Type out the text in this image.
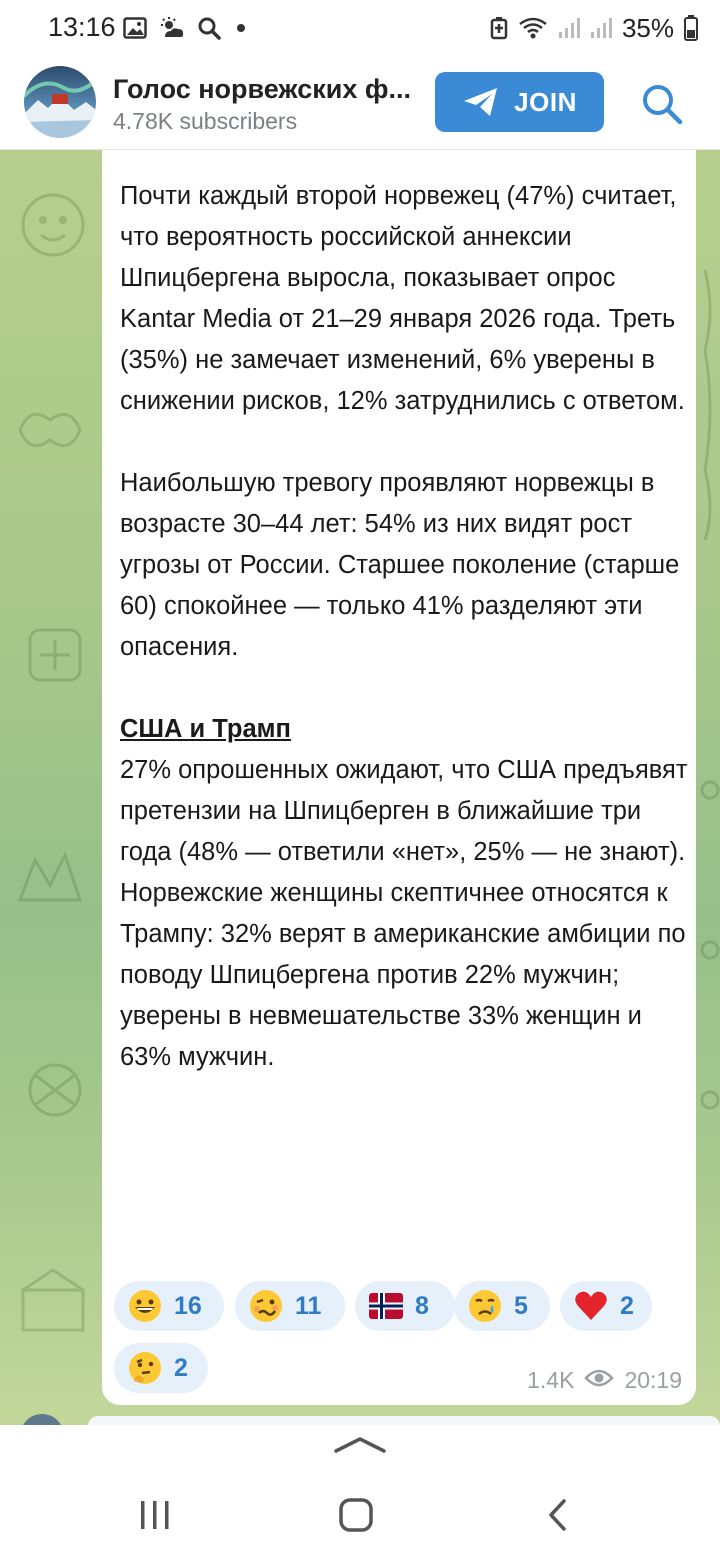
13:16	35%
Голос норвежских ф...
4.78K subscribers
JOIN

Почти каждый второй норвежец (47%) считает, что вероятность российской аннексии Шпицбергена выросла, показывает опрос Kantar Media от 21–29 января 2026 года. Треть (35%) не замечает изменений, 6% уверены в снижении рисков, 12% затруднились с ответом.

Наибольшую тревогу проявляют норвежцы в возрасте 30–44 лет: 54% из них видят рост угрозы от России. Старшее поколение (старше 60) спокойнее — только 41% разделяют эти опасения.

США и Трамп

27% опрошенных ожидают, что США предъявят претензии на Шпицберген в ближайшие три года (48% — ответили «нет», 25% — не знают). Норвежские женщины скептичнее относятся к Трампу: 32% верят в американские амбиции по поводу Шпицбергена против 22% мужчин; уверены в невмешательстве 33% женщин и 63% мужчин.

16	11	8	5	2
2	1.4K 20:19
